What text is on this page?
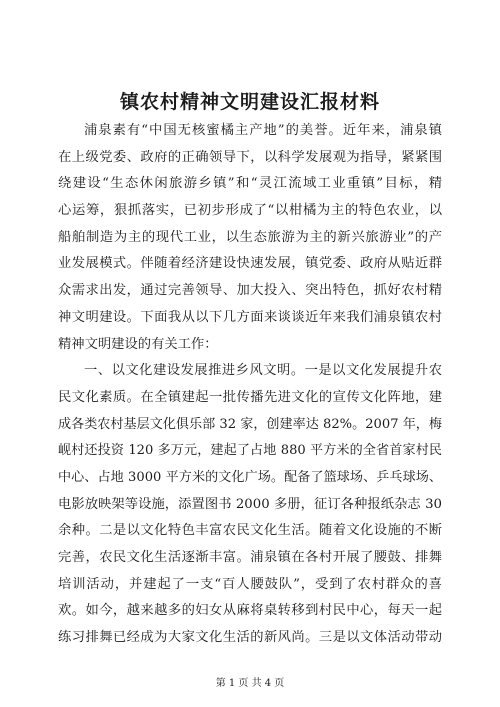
镇农村精神文明建设汇报材料
浦泉素有“中国无核蜜橘主产地”的美誉。近年来，浦泉镇
在上级党委、政府的正确领导下，以科学发展观为指导，紧紧围
绕建设“生态休闲旅游乡镇”和“灵江流域工业重镇”目标，精
心运筹，狠抓落实，已初步形成了“以柑橘为主的特色农业，以
船舶制造为主的现代工业，以生态旅游为主的新兴旅游业”的产
业发展模式。伴随着经济建设快速发展，镇党委、政府从贴近群
众需求出发，通过完善领导、加大投入、突出特色，抓好农村精
神文明建设。下面我从以下几方面来谈谈近年来我们浦泉镇农村
精神文明建设的有关工作：
一、以文化建设发展推进乡风文明。一是以文化发展提升农
民文化素质。在全镇建起一批传播先进文化的宣传文化阵地，建
成各类农村基层文化俱乐部 32 家，创建率达 82%。2007 年，梅
岘村还投资 120 多万元，建起了占地 880 平方米的全省首家村民
中心、占地 3000 平方米的文化广场。配备了篮球场、乒乓球场、
电影放映架等设施，添置图书 2000 多册，征订各种报纸杂志 30
余种。二是以文化特色丰富农民文化生活。随着文化设施的不断
完善，农民文化生活逐渐丰富。浦泉镇在各村开展了腰鼓、排舞
培训活动，并建起了一支“百人腰鼓队”，受到了农村群众的喜
欢。如今，越来越多的妇女从麻将桌转移到村民中心，每天一起
练习排舞已经成为大家文化生活的新风尚。三是以文体活动带动
第 1 页 共 4 页
